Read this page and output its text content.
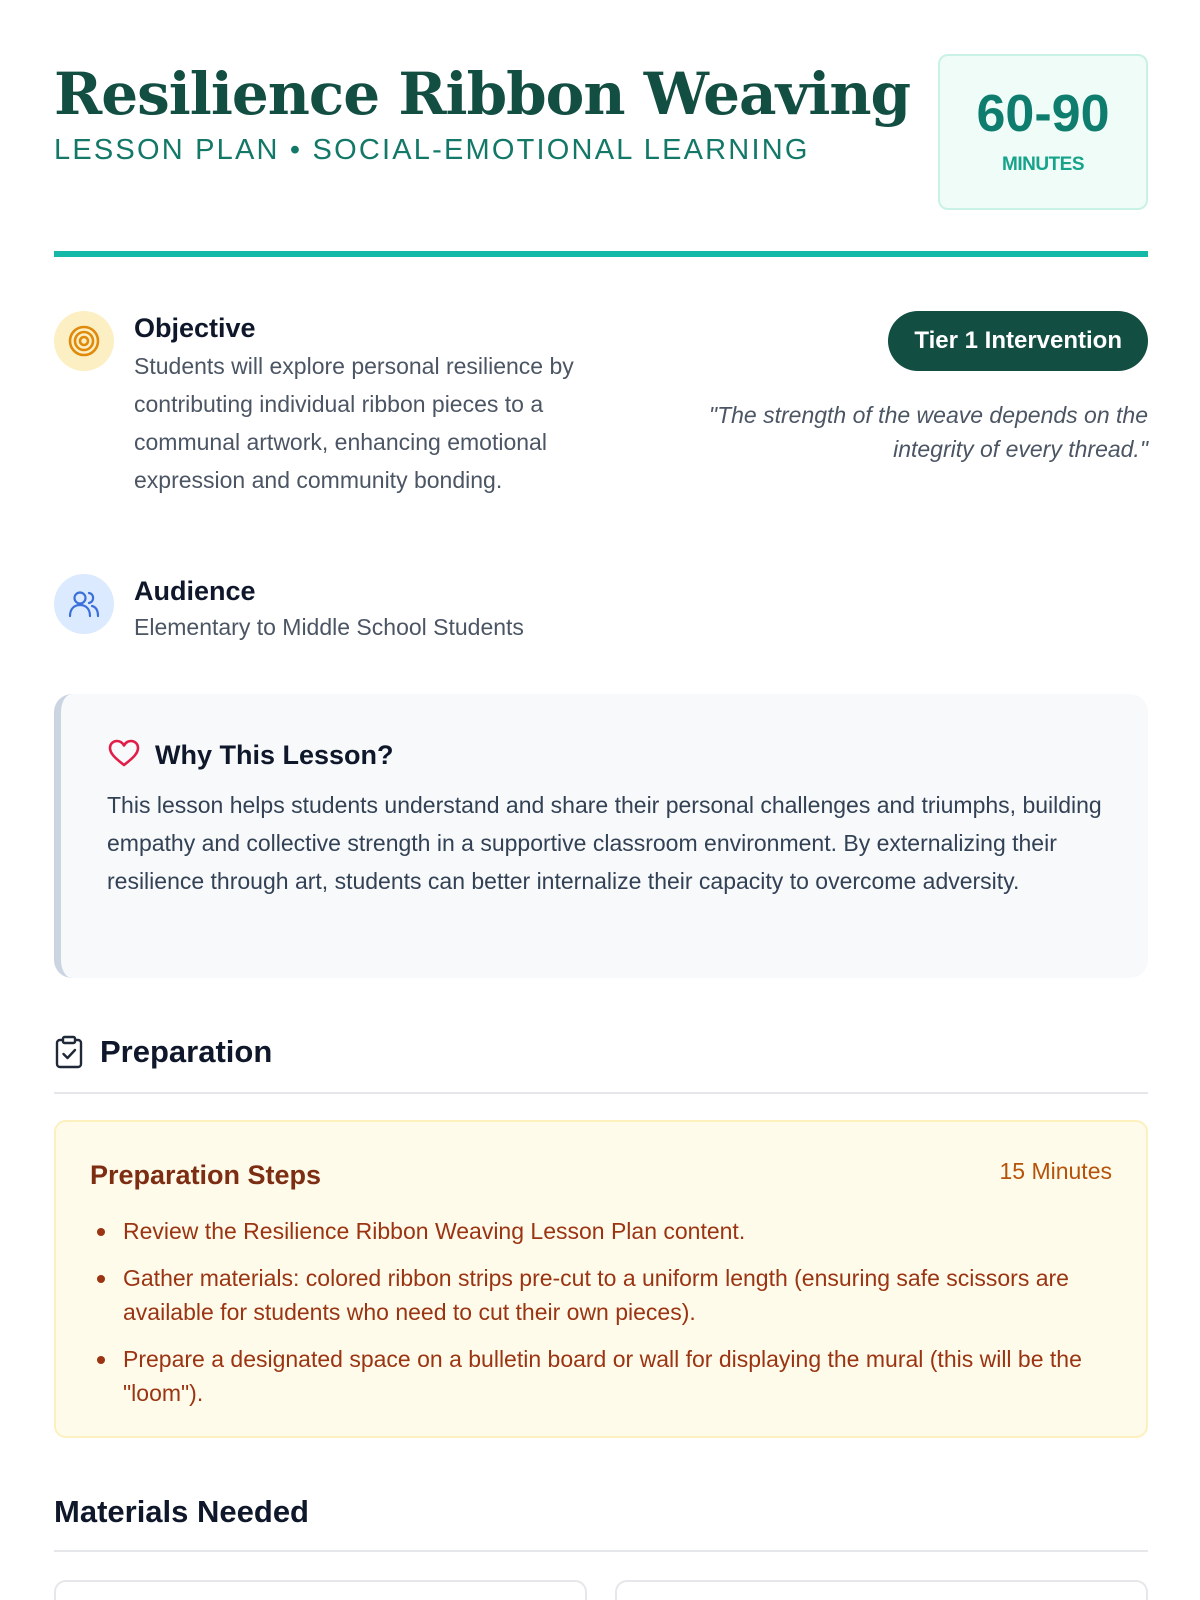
Resilience Ribbon Weaving
LESSON PLAN • SOCIAL-EMOTIONAL LEARNING
60-90
MINUTES
Objective
Students will explore personal resilience by contributing individual ribbon pieces to a communal artwork, enhancing emotional expression and community bonding.
Audience
Elementary to Middle School Students
Tier 1 Intervention
"The strength of the weave depends on the integrity of every thread."
Why This Lesson?
This lesson helps students understand and share their personal challenges and triumphs, building empathy and collective strength in a supportive classroom environment. By externalizing their resilience through art, students can better internalize their capacity to overcome adversity.
Preparation
Preparation Steps	15 Minutes
Review the Resilience Ribbon Weaving Lesson Plan content.
Gather materials: colored ribbon strips pre-cut to a uniform length (ensuring safe scissors are available for students who need to cut their own pieces).
Prepare a designated space on a bulletin board or wall for displaying the mural (this will be the "loom").
Materials Needed
